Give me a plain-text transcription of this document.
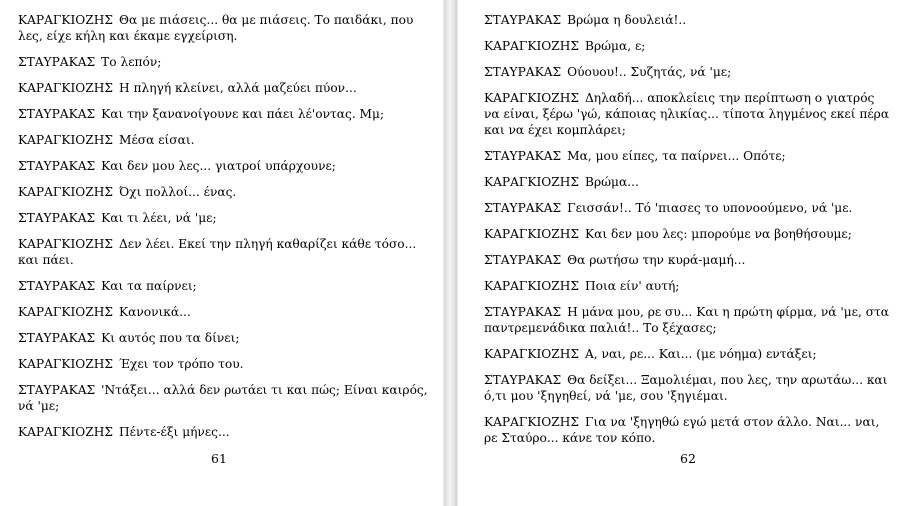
ΚΑΡΑΓΚΙΟΖΗΣ Θα με πιάσεις... θα με πιάσεις. Το παιδάκι, που λες, είχε κήλη και έκαμε εγχείριση.

ΣΤΑΥΡΑΚΑΣ Το λεπόν;

ΚΑΡΑΓΚΙΟΖΗΣ Η πληγή κλείνει, αλλά μαζεύει πύον...

ΣΤΑΥΡΑΚΑΣ Και την ξανανοίγουνε και πάει λέ'οντας. Μμ;

ΚΑΡΑΓΚΙΟΖΗΣ Μέσα είσαι.

ΣΤΑΥΡΑΚΑΣ Και δεν μου λες... γιατροί υπάρχουνε;

ΚΑΡΑΓΚΙΟΖΗΣ Όχι πολλοί... ένας.

ΣΤΑΥΡΑΚΑΣ Και τι λέει, νά 'με;

ΚΑΡΑΓΚΙΟΖΗΣ Δεν λέει. Εκεί την πληγή καθαρίζει κάθε τόσο... και πάει.

ΣΤΑΥΡΑΚΑΣ Και τα παίρνει;

ΚΑΡΑΓΚΙΟΖΗΣ Κανονικά...

ΣΤΑΥΡΑΚΑΣ Κι αυτός που τα δίνει;

ΚΑΡΑΓΚΙΟΖΗΣ Έχει τον τρόπο του.

ΣΤΑΥΡΑΚΑΣ 'Ντάξει... αλλά δεν ρωτάει τι και πώς; Είναι καιρός, νά 'με;

ΚΑΡΑΓΚΙΟΖΗΣ Πέντε-έξι μήνες...

61

ΣΤΑΥΡΑΚΑΣ Βρώμα η δουλειά!..

ΚΑΡΑΓΚΙΟΖΗΣ Βρώμα, ε;

ΣΤΑΥΡΑΚΑΣ Ούουου!.. Συζητάς, νά 'με;

ΚΑΡΑΓΚΙΟΖΗΣ Δηλαδή... αποκλείεις την περίπτωση ο γιατρός να είναι, ξέρω 'γώ, κάποιας ηλικίας... τίποτα ληγμένος εκεί πέρα και να έχει κομπλάρει;

ΣΤΑΥΡΑΚΑΣ Μα, μου είπες, τα παίρνει... Οπότε;

ΚΑΡΑΓΚΙΟΖΗΣ Βρώμα...

ΣΤΑΥΡΑΚΑΣ Γεισσάν!.. Τό 'πιασες το υπονοούμενο, νά 'με.

ΚΑΡΑΓΚΙΟΖΗΣ Και δεν μου λες: μπορούμε να βοηθήσουμε;

ΣΤΑΥΡΑΚΑΣ Θα ρωτήσω την κυρά-μαμή...

ΚΑΡΑΓΚΙΟΖΗΣ Ποια είν' αυτή;

ΣΤΑΥΡΑΚΑΣ Η μάνα μου, ρε συ... Και η πρώτη φίρμα, νά 'με, στα παντρεμενάδικα παλιά!.. Το ξέχασες;

ΚΑΡΑΓΚΙΟΖΗΣ Α, ναι, ρε... Και... (με νόημα) εντάξει;

ΣΤΑΥΡΑΚΑΣ Θα δείξει... Ξαμολιέμαι, που λες, την αρωτάω... και ό,τι μου 'ξηγηθεί, νά 'με, σου 'ξηγιέμαι.

ΚΑΡΑΓΚΙΟΖΗΣ Για να 'ξηγηθώ εγώ μετά στον άλλο. Ναι... ναι, ρε Σταύρο... κάνε τον κόπο.

62
